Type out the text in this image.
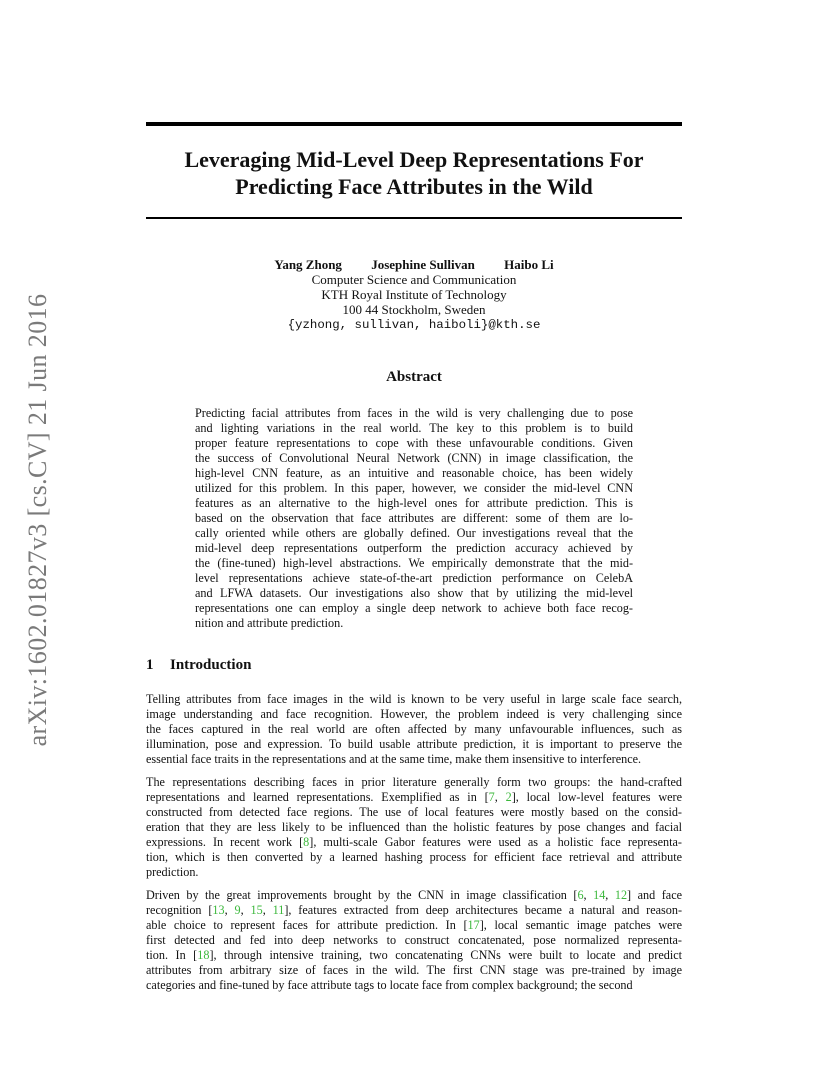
arXiv:1602.01827v3 [cs.CV] 21 Jun 2016
Leveraging Mid-Level Deep Representations For
Predicting Face Attributes in the Wild
Yang Zhong Josephine Sullivan Haibo Li
Computer Science and Communication
KTH Royal Institute of Technology
100 44 Stockholm, Sweden
{yzhong, sullivan, haiboli}@kth.se
Abstract
Predicting facial attributes from faces in the wild is very challenging due to pose
and lighting variations in the real world. The key to this problem is to build
proper feature representations to cope with these unfavourable conditions. Given
the success of Convolutional Neural Network (CNN) in image classification, the
high-level CNN feature, as an intuitive and reasonable choice, has been widely
utilized for this problem. In this paper, however, we consider the mid-level CNN
features as an alternative to the high-level ones for attribute prediction. This is
based on the observation that face attributes are different: some of them are lo-
cally oriented while others are globally defined. Our investigations reveal that the
mid-level deep representations outperform the prediction accuracy achieved by
the (fine-tuned) high-level abstractions. We empirically demonstrate that the mid-
level representations achieve state-of-the-art prediction performance on CelebA
and LFWA datasets. Our investigations also show that by utilizing the mid-level
representations one can employ a single deep network to achieve both face recog-
nition and attribute prediction.
1 Introduction
Telling attributes from face images in the wild is known to be very useful in large scale face search,
image understanding and face recognition. However, the problem indeed is very challenging since
the faces captured in the real world are often affected by many unfavourable influences, such as
illumination, pose and expression. To build usable attribute prediction, it is important to preserve the
essential face traits in the representations and at the same time, make them insensitive to interference.
The representations describing faces in prior literature generally form two groups: the hand-crafted
representations and learned representations. Exemplified as in [7, 2], local low-level features were
constructed from detected face regions. The use of local features were mostly based on the consid-
eration that they are less likely to be influenced than the holistic features by pose changes and facial
expressions. In recent work [8], multi-scale Gabor features were used as a holistic face representa-
tion, which is then converted by a learned hashing process for efficient face retrieval and attribute
prediction.
Driven by the great improvements brought by the CNN in image classification [6, 14, 12] and face
recognition [13, 9, 15, 11], features extracted from deep architectures became a natural and reason-
able choice to represent faces for attribute prediction. In [17], local semantic image patches were
first detected and fed into deep networks to construct concatenated, pose normalized representa-
tion. In [18], through intensive training, two concatenating CNNs were built to locate and predict
attributes from arbitrary size of faces in the wild. The first CNN stage was pre-trained by image
categories and fine-tuned by face attribute tags to locate face from complex background; the second
